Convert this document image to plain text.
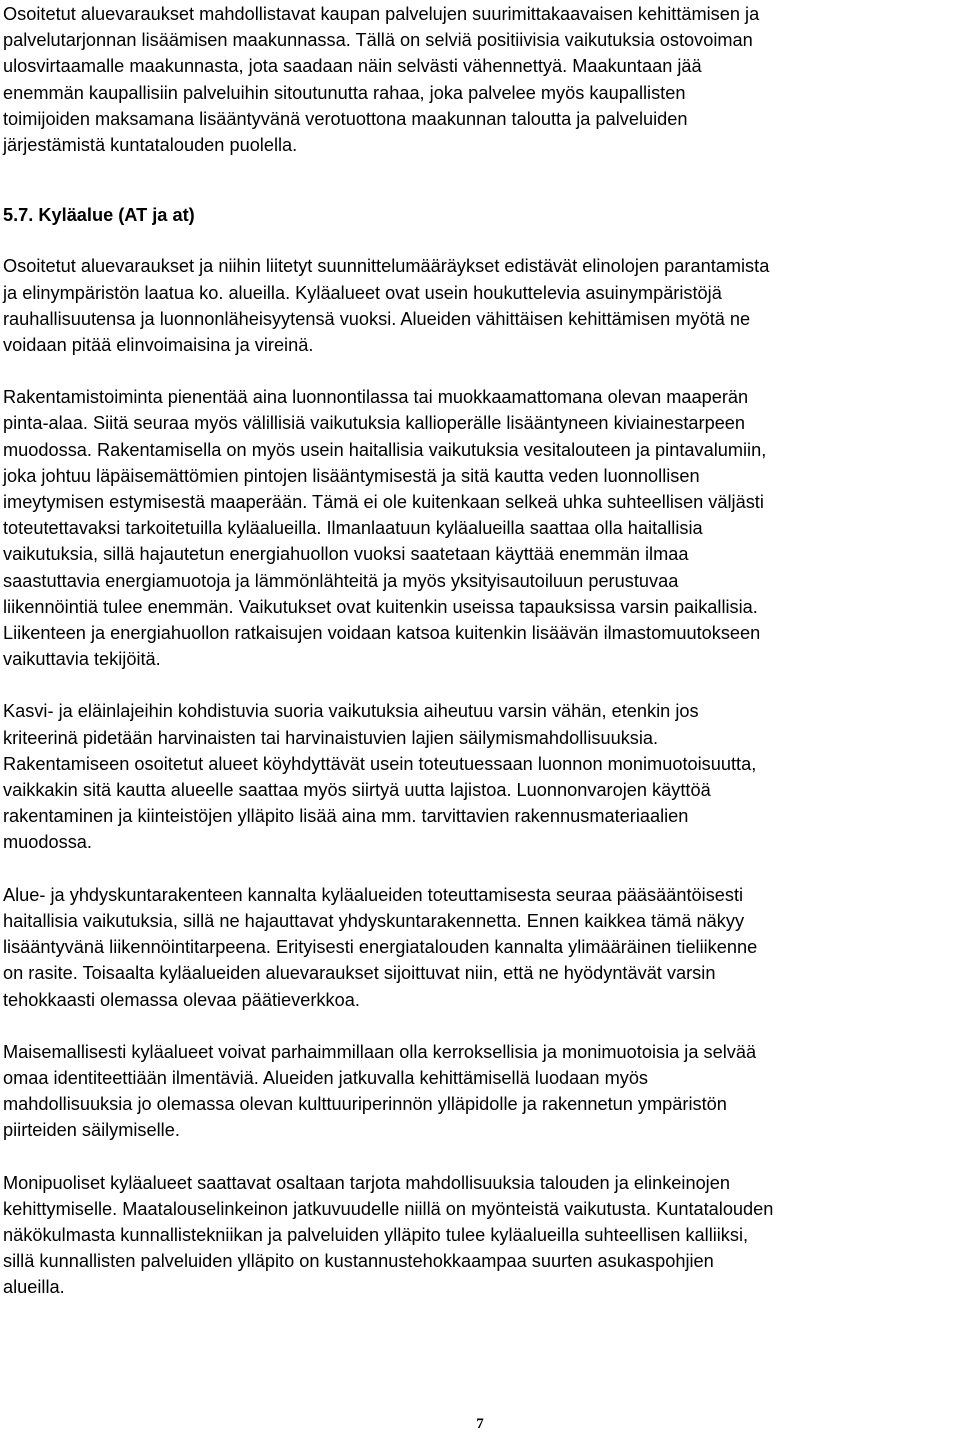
Osoitetut aluevaraukset mahdollistavat kaupan palvelujen suurimittakaavaisen kehittämisen ja
palvelutarjonnan lisäämisen maakunnassa. Tällä on selviä positiivisia vaikutuksia ostovoiman
ulosvirtaamalle maakunnasta, jota saadaan näin selvästi vähennettyä. Maakuntaan jää
enemmän kaupallisiin palveluihin sitoutunutta rahaa, joka palvelee myös kaupallisten
toimijoiden maksamana lisääntyvänä verotuottona maakunnan taloutta ja palveluiden
järjestämistä kuntatalouden puolella.

5.7. Kyläalue (AT ja at)

Osoitetut aluevaraukset ja niihin liitetyt suunnittelumääräykset edistävät elinolojen parantamista
ja elinympäristön laatua ko. alueilla. Kyläalueet ovat usein houkuttelevia asuinympäristöjä
rauhallisuutensa ja luonnonläheisyytensä vuoksi. Alueiden vähittäisen kehittämisen myötä ne
voidaan pitää elinvoimaisina ja vireinä.

Rakentamistoiminta pienentää aina luonnontilassa tai muokkaamattomana olevan maaperän
pinta-alaa. Siitä seuraa myös välillisiä vaikutuksia kallioperälle lisääntyneen kiviainestarpeen
muodossa. Rakentamisella on myös usein haitallisia vaikutuksia vesitalouteen ja pintavalumiin,
joka johtuu läpäisemättömien pintojen lisääntymisestä ja sitä kautta veden luonnollisen
imeytymisen estymisestä maaperään. Tämä ei ole kuitenkaan selkeä uhka suhteellisen väljästi
toteutettavaksi tarkoitetuilla kyläalueilla. Ilmanlaatuun kyläalueilla saattaa olla haitallisia
vaikutuksia, sillä hajautetun energiahuollon vuoksi saatetaan käyttää enemmän ilmaa
saastuttavia energiamuotoja ja lämmönlähteitä ja myös yksityisautoiluun perustuvaa
liikennöintiä tulee enemmän. Vaikutukset ovat kuitenkin useissa tapauksissa varsin paikallisia.
Liikenteen ja energiahuollon ratkaisujen voidaan katsoa kuitenkin lisäävän ilmastomuutokseen
vaikuttavia tekijöitä.

Kasvi- ja eläinlajeihin kohdistuvia suoria vaikutuksia aiheutuu varsin vähän, etenkin jos
kriteerinä pidetään harvinaisten tai harvinaistuvien lajien säilymismahdollisuuksia.
Rakentamiseen osoitetut alueet köyhdyttävät usein toteutuessaan luonnon monimuotoisuutta,
vaikkakin sitä kautta alueelle saattaa myös siirtyä uutta lajistoa. Luonnonvarojen käyttöä
rakentaminen ja kiinteistöjen ylläpito lisää aina mm. tarvittavien rakennusmateriaalien
muodossa.

Alue- ja yhdyskuntarakenteen kannalta kyläalueiden toteuttamisesta seuraa pääsääntöisesti
haitallisia vaikutuksia, sillä ne hajauttavat yhdyskuntarakennetta. Ennen kaikkea tämä näkyy
lisääntyvänä liikennöintitarpeena. Erityisesti energiatalouden kannalta ylimääräinen tieliikenne
on rasite. Toisaalta kyläalueiden aluevaraukset sijoittuvat niin, että ne hyödyntävät varsin
tehokkaasti olemassa olevaa päätieverkkoa.

Maisemallisesti kyläalueet voivat parhaimmillaan olla kerroksellisia ja monimuotoisia ja selvää
omaa identiteettiään ilmentäviä. Alueiden jatkuvalla kehittämisellä luodaan myös
mahdollisuuksia jo olemassa olevan kulttuuriperinnön ylläpidolle ja rakennetun ympäristön
piirteiden säilymiselle.

Monipuoliset kyläalueet saattavat osaltaan tarjota mahdollisuuksia talouden ja elinkeinojen
kehittymiselle. Maatalouselinkeinon jatkuvuudelle niillä on myönteistä vaikutusta. Kuntatalouden
näkökulmasta kunnallistekniikan ja palveluiden ylläpito tulee kyläalueilla suhteellisen kalliiksi,
sillä kunnallisten palveluiden ylläpito on kustannustehokkaampaa suurten asukaspohjien
alueilla.

7
